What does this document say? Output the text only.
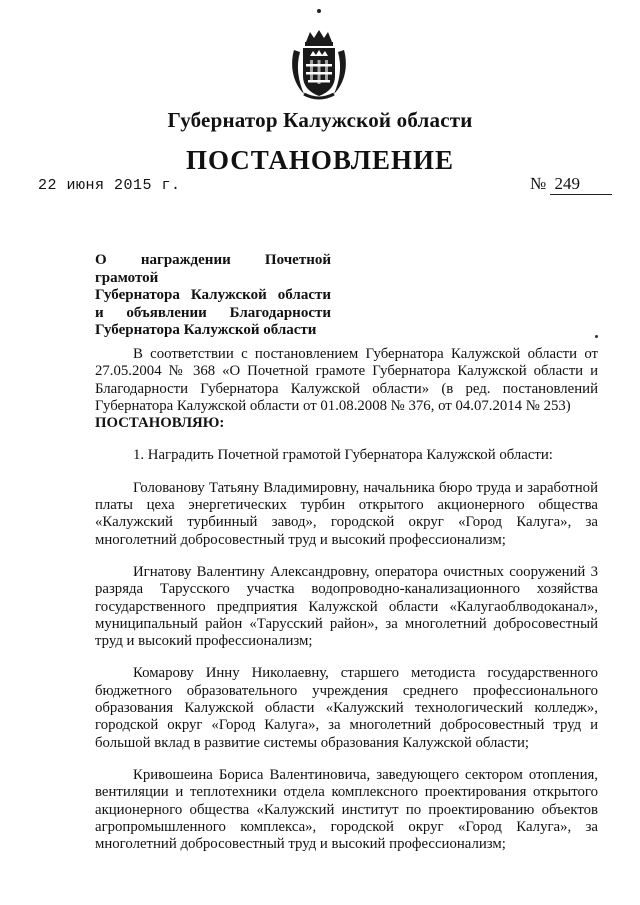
Губернатор Калужской области
ПОСТАНОВЛЕНИЕ
22 июня 2015 г.	№ 249
О награждении Почетной грамотой
Губернатора Калужской области
и объявлении Благодарности
Губернатора Калужской области

В соответствии с постановлением Губернатора Калужской области от 27.05.2004 № 368 «О Почетной грамоте Губернатора Калужской области и Благодарности Губернатора Калужской области» (в ред. постановлений Губернатора Калужской области от 01.08.2008 № 376, от 04.07.2014 № 253)

ПОСТАНОВЛЯЮ:

1. Наградить Почетной грамотой Губернатора Калужской области:

Голованову Татьяну Владимировну, начальника бюро труда и заработной платы цеха энергетических турбин открытого акционерного общества «Калужский турбинный завод», городской округ «Город Калуга», за многолетний добросовестный труд и высокий профессионализм;

Игнатову Валентину Александровну, оператора очистных сооружений 3 разряда Тарусского участка водопроводно-канализационного хозяйства государственного предприятия Калужской области «Калугаоблводоканал», муниципальный район «Тарусский район», за многолетний добросовестный труд и высокий профессионализм;

Комарову Инну Николаевну, старшего методиста государственного бюджетного образовательного учреждения среднего профессионального образования Калужской области «Калужский технологический колледж», городской округ «Город Калуга», за многолетний добросовестный труд и большой вклад в развитие системы образования Калужской области;

Кривошеина Бориса Валентиновича, заведующего сектором отопления, вентиляции и теплотехники отдела комплексного проектирования открытого акционерного общества «Калужский институт по проектированию объектов агропромышленного комплекса», городской округ «Город Калуга», за многолетний добросовестный труд и высокий профессионализм;
